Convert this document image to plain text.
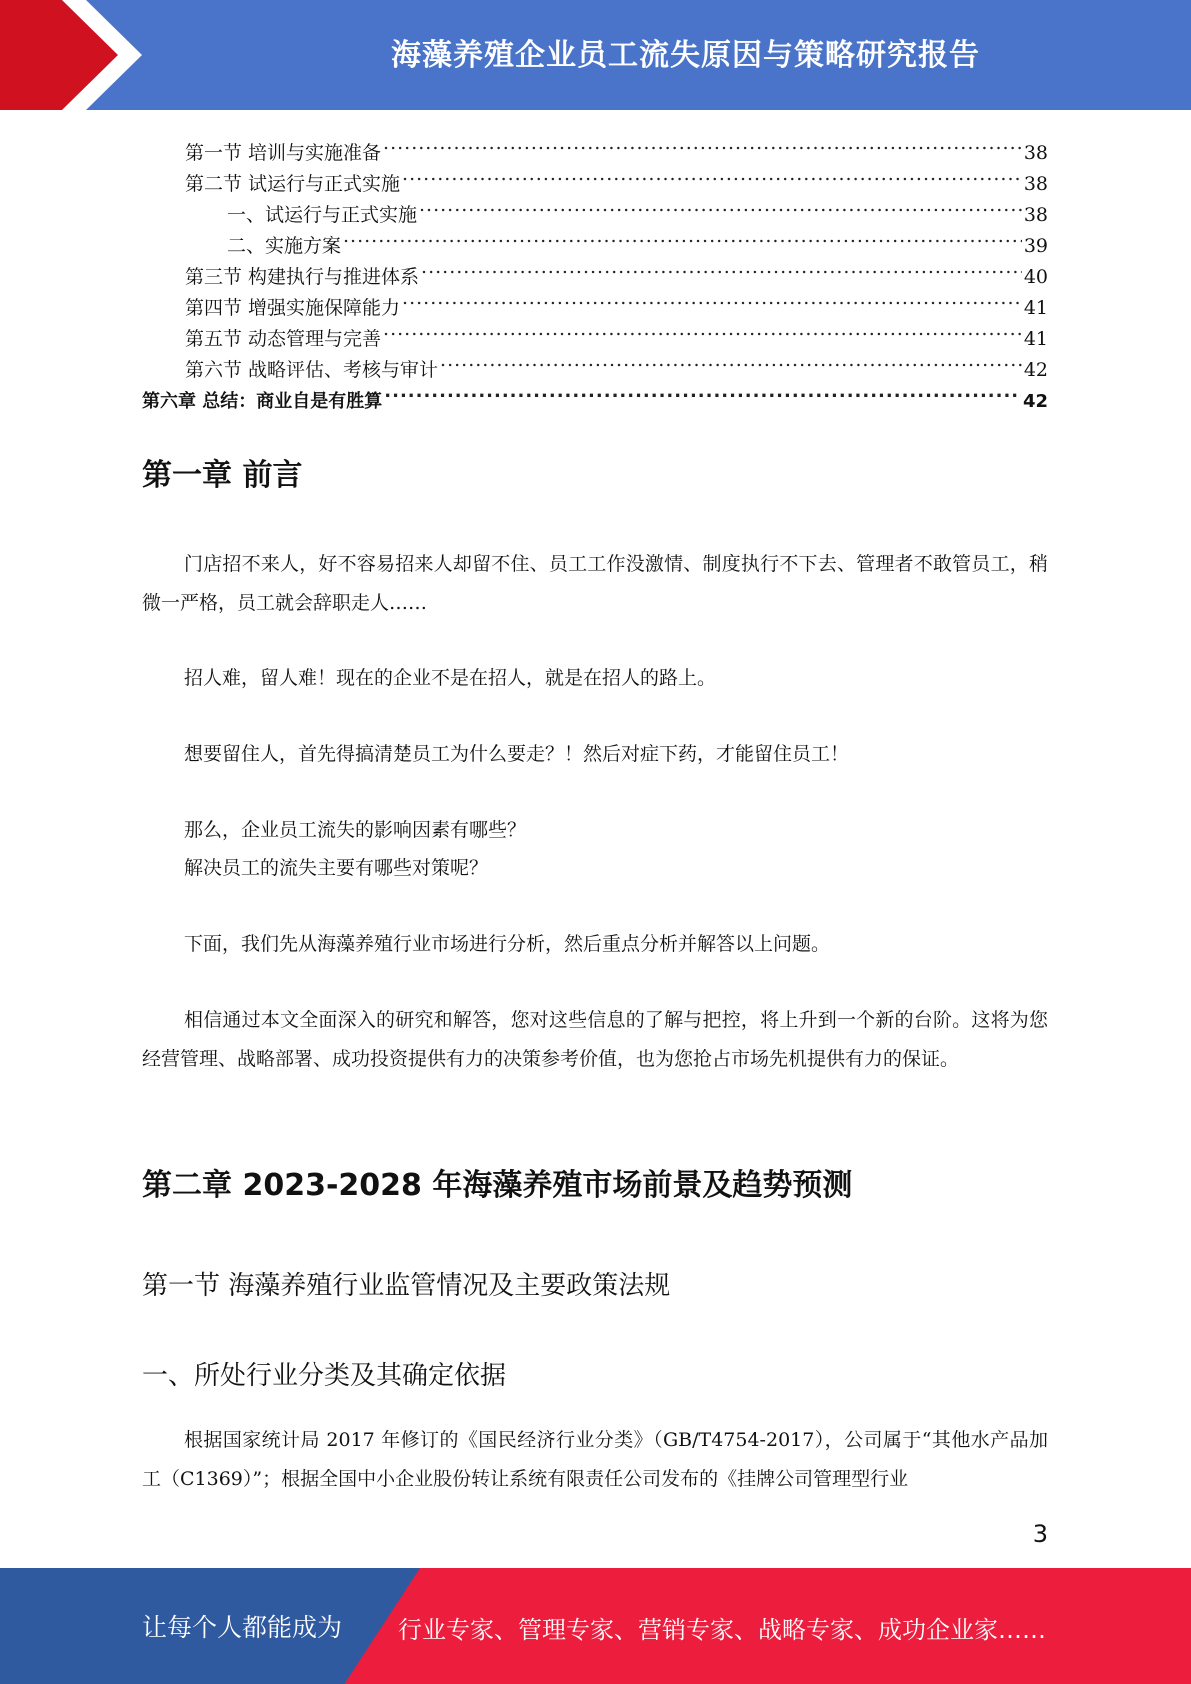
海藻养殖企业员工流失原因与策略研究报告
第一节 培训与实施准备 .....	38
第二节 试运行与正式实施 .....	38
一、试运行与正式实施 .....	38
二、实施方案 .....	39
第三节 构建执行与推进体系 .....	40
第四节 增强实施保障能力 .....	41
第五节 动态管理与完善 .....	41
第六节 战略评估、考核与审计 .....	42
第六章 总结：商业自是有胜算 .....	42
第一章 前言

门店招不来人，好不容易招来人却留不住、员工工作没激情、制度执行不下去、管理者不敢管员工，稍微一严格，员工就会辞职走人……

招人难，留人难！现在的企业不是在招人，就是在招人的路上。

想要留住人，首先得搞清楚员工为什么要走？！然后对症下药，才能留住员工！

那么，企业员工流失的影响因素有哪些？

解决员工的流失主要有哪些对策呢？

下面，我们先从海藻养殖行业市场进行分析，然后重点分析并解答以上问题。

相信通过本文全面深入的研究和解答，您对这些信息的了解与把控，将上升到一个新的台阶。这将为您经营管理、战略部署、成功投资提供有力的决策参考价值，也为您抢占市场先机提供有力的保证。

第二章 2023-2028 年海藻养殖市场前景及趋势预测
第一节 海藻养殖行业监管情况及主要政策法规
一、所处行业分类及其确定依据

根据国家统计局 2017 年修订的《国民经济行业分类》（GB/T4754-2017），公司属于“其他水产品加工（C1369）”；根据全国中小企业股份转让系统有限责任公司发布的《挂牌公司管理型行业

3
让每个人都能成为 行业专家、管理专家、营销专家、战略专家、成功企业家……
